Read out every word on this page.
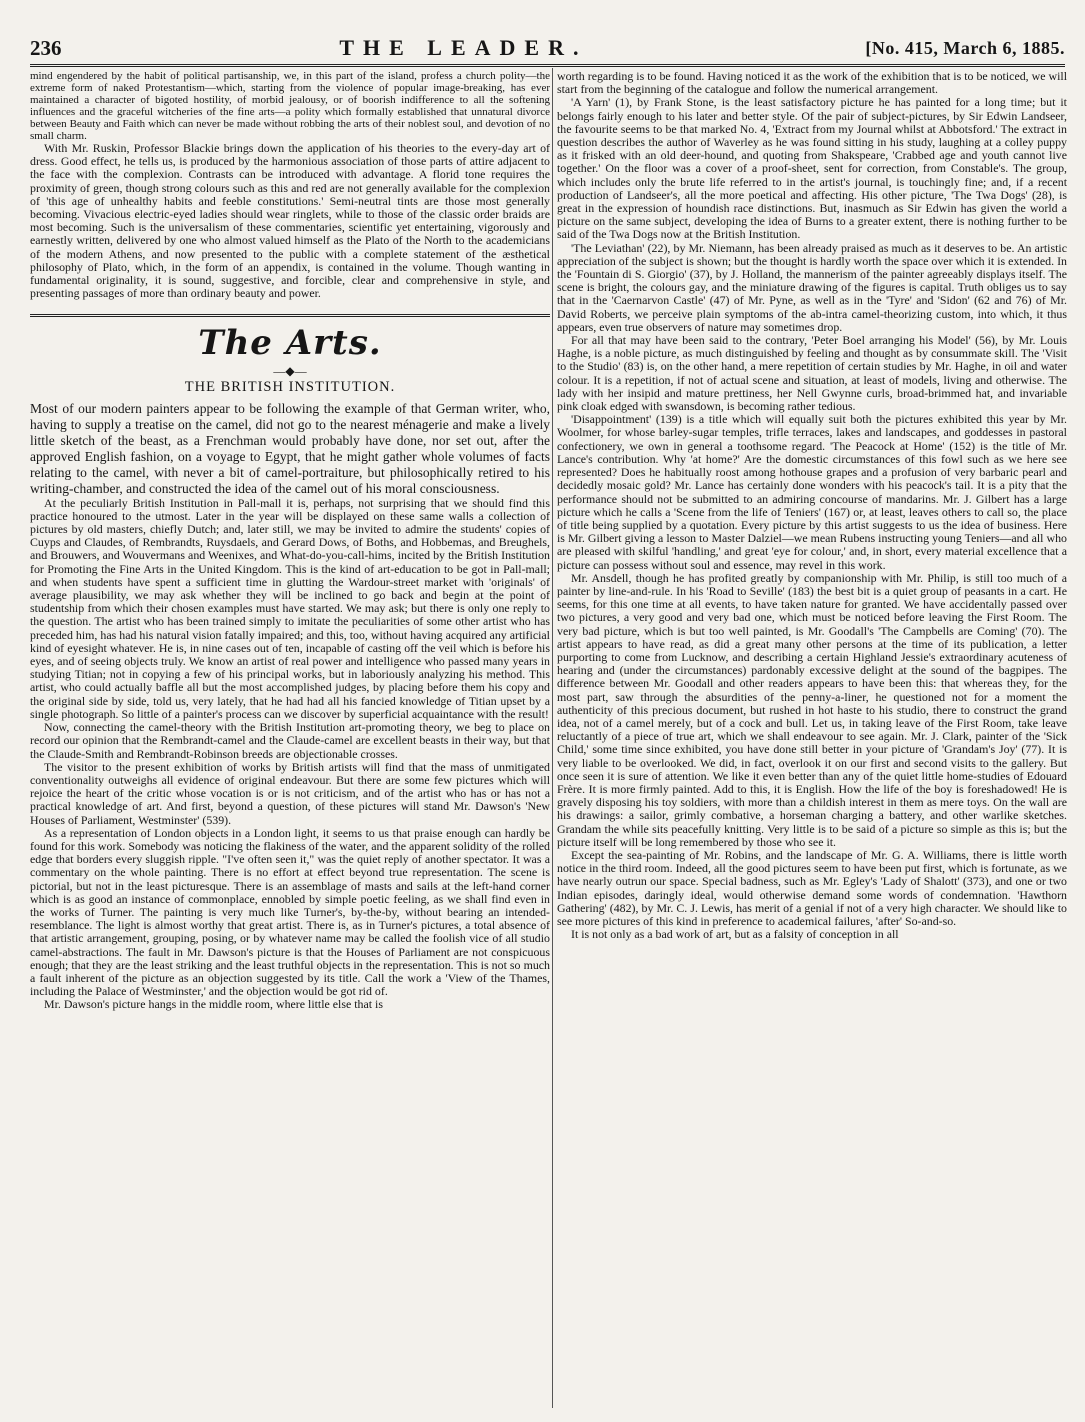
236	THE LEADER.	[No. 415, March 6, 1885.

mind engendered by the habit of political partisanship, we, in this part of the island, profess a church polity—the extreme form of naked Protestantism—which, starting from the violence of popular image-breaking, has ever maintained a character of bigoted hostility, of morbid jealousy, or of boorish indifference to all the softening influences and the graceful witcheries of the fine arts—a polity which formally established that unnatural divorce between Beauty and Faith which can never be made without robbing the arts of their noblest soul, and devotion of no small charm.

With Mr. Ruskin, Professor Blackie brings down the application of his theories to the every-day art of dress. Good effect, he tells us, is produced by the harmonious association of those parts of attire adjacent to the face with the complexion. Contrasts can be introduced with advantage. A florid tone requires the proximity of green, though strong colours such as this and red are not generally available for the complexion of 'this age of unhealthy habits and feeble constitutions.' Semi-neutral tints are those most generally becoming. Vivacious electric-eyed ladies should wear ringlets, while to those of the classic order braids are most becoming. Such is the universalism of these commentaries, scientific yet entertaining, vigorously and earnestly written, delivered by one who almost valued himself as the Plato of the North to the academicians of the modern Athens, and now presented to the public with a complete statement of the æsthetical philosophy of Plato, which, in the form of an appendix, is contained in the volume. Though wanting in fundamental originality, it is sound, suggestive, and forcible, clear and comprehensive in style, and presenting passages of more than ordinary beauty and power.

The Arts.
—◆—
THE BRITISH INSTITUTION.

Most of our modern painters appear to be following the example of that German writer, who, having to supply a treatise on the camel, did not go to the nearest ménagerie and make a lively little sketch of the beast, as a Frenchman would probably have done, nor set out, after the approved English fashion, on a voyage to Egypt, that he might gather whole volumes of facts relating to the camel, with never a bit of camel-portraiture, but philosophically retired to his writing-chamber, and constructed the idea of the camel out of his moral consciousness.

At the peculiarly British Institution in Pall-mall it is, perhaps, not surprising that we should find this practice honoured to the utmost. Later in the year will be displayed on these same walls a collection of pictures by old masters, chiefly Dutch; and, later still, we may be invited to admire the students' copies of Cuyps and Claudes, of Rembrandts, Ruysdaels, and Gerard Dows, of Boths, and Hobbemas, and Breughels, and Brouwers, and Wouvermans and Weenixes, and What-do-you-call-hims, incited by the British Institution for Promoting the Fine Arts in the United Kingdom. This is the kind of art-education to be got in Pall-mall; and when students have spent a sufficient time in glutting the Wardour-street market with 'originals' of average plausibility, we may ask whether they will be inclined to go back and begin at the point of studentship from which their chosen examples must have started. We may ask; but there is only one reply to the question. The artist who has been trained simply to imitate the peculiarities of some other artist who has preceded him, has had his natural vision fatally impaired; and this, too, without having acquired any artificial kind of eyesight whatever. He is, in nine cases out of ten, incapable of casting off the veil which is before his eyes, and of seeing objects truly. We know an artist of real power and intelligence who passed many years in studying Titian; not in copying a few of his principal works, but in laboriously analyzing his method. This artist, who could actually baffle all but the most accomplished judges, by placing before them his copy and the original side by side, told us, very lately, that he had had all his fancied knowledge of Titian upset by a single photograph. So little of a painter's process can we discover by superficial acquaintance with the result!

Now, connecting the camel-theory with the British Institution art-promoting theory, we beg to place on record our opinion that the Rembrandt-camel and the Claude-camel are excellent beasts in their way, but that the Claude-Smith and Rembrandt-Robinson breeds are objectionable crosses.

The visitor to the present exhibition of works by British artists will find that the mass of unmitigated conventionality outweighs all evidence of original endeavour. But there are some few pictures which will rejoice the heart of the critic whose vocation is or is not criticism, and of the artist who has or has not a practical knowledge of art. And first, beyond a question, of these pictures will stand Mr. Dawson's 'New Houses of Parliament, Westminster' (539).

As a representation of London objects in a London light, it seems to us that praise enough can hardly be found for this work. Somebody was noticing the flakiness of the water, and the apparent solidity of the rolled edge that borders every sluggish ripple. "I've often seen it," was the quiet reply of another spectator. It was a commentary on the whole painting. There is no effort at effect beyond true representation. The scene is pictorial, but not in the least picturesque. There is an assemblage of masts and sails at the left-hand corner which is as good an instance of commonplace, ennobled by simple poetic feeling, as we shall find even in the works of Turner. The painting is very much like Turner's, by-the-by, without bearing an intended-resemblance. The light is almost worthy that great artist. There is, as in Turner's pictures, a total absence of that artistic arrangement, grouping, posing, or by whatever name may be called the foolish vice of all studio camel-abstractions. The fault in Mr. Dawson's picture is that the Houses of Parliament are not conspicuous enough; that they are the least striking and the least truthful objects in the representation. This is not so much a fault inherent of the picture as an objection suggested by its title. Call the work a 'View of the Thames, including the Palace of Westminster,' and the objection would be got rid of.

Mr. Dawson's picture hangs in the middle room, where little else that is

worth regarding is to be found. Having noticed it as the work of the exhibition that is to be noticed, we will start from the beginning of the catalogue and follow the numerical arrangement.

'A Yarn' (1), by Frank Stone, is the least satisfactory picture he has painted for a long time; but it belongs fairly enough to his later and better style. Of the pair of subject-pictures, by Sir Edwin Landseer, the favourite seems to be that marked No. 4, 'Extract from my Journal whilst at Abbotsford.' The extract in question describes the author of Waverley as he was found sitting in his study, laughing at a colley puppy as it frisked with an old deer-hound, and quoting from Shakspeare, 'Crabbed age and youth cannot live together.' On the floor was a cover of a proof-sheet, sent for correction, from Constable's. The group, which includes only the brute life referred to in the artist's journal, is touchingly fine; and, if a recent production of Landseer's, all the more poetical and affecting. His other picture, 'The Twa Dogs' (28), is great in the expression of houndish race distinctions. But, inasmuch as Sir Edwin has given the world a picture on the same subject, developing the idea of Burns to a greater extent, there is nothing further to be said of the Twa Dogs now at the British Institution.

'The Leviathan' (22), by Mr. Niemann, has been already praised as much as it deserves to be. An artistic appreciation of the subject is shown; but the thought is hardly worth the space over which it is extended. In the 'Fountain di S. Giorgio' (37), by J. Holland, the mannerism of the painter agreeably displays itself. The scene is bright, the colours gay, and the miniature drawing of the figures is capital. Truth obliges us to say that in the 'Caernarvon Castle' (47) of Mr. Pyne, as well as in the 'Tyre' and 'Sidon' (62 and 76) of Mr. David Roberts, we perceive plain symptoms of the ab-intra camel-theorizing custom, into which, it thus appears, even true observers of nature may sometimes drop.

For all that may have been said to the contrary, 'Peter Boel arranging his Model' (56), by Mr. Louis Haghe, is a noble picture, as much distinguished by feeling and thought as by consummate skill. The 'Visit to the Studio' (83) is, on the other hand, a mere repetition of certain studies by Mr. Haghe, in oil and water colour. It is a repetition, if not of actual scene and situation, at least of models, living and otherwise. The lady with her insipid and mature prettiness, her Nell Gwynne curls, broad-brimmed hat, and invariable pink cloak edged with swansdown, is becoming rather tedious.

'Disappointment' (139) is a title which will equally suit both the pictures exhibited this year by Mr. Woolmer, for whose barley-sugar temples, trifle terraces, lakes and landscapes, and goddesses in pastoral confectionery, we own in general a toothsome regard. 'The Peacock at Home' (152) is the title of Mr. Lance's contribution. Why 'at home?' Are the domestic circumstances of this fowl such as we here see represented? Does he habitually roost among hothouse grapes and a profusion of very barbaric pearl and decidedly mosaic gold? Mr. Lance has certainly done wonders with his peacock's tail. It is a pity that the performance should not be submitted to an admiring concourse of mandarins. Mr. J. Gilbert has a large picture which he calls a 'Scene from the life of Teniers' (167) or, at least, leaves others to call so, the place of title being supplied by a quotation. Every picture by this artist suggests to us the idea of business. Here is Mr. Gilbert giving a lesson to Master Dalziel—we mean Rubens instructing young Teniers—and all who are pleased with skilful 'handling,' and great 'eye for colour,' and, in short, every material excellence that a picture can possess without soul and essence, may revel in this work.

Mr. Ansdell, though he has profited greatly by companionship with Mr. Philip, is still too much of a painter by line-and-rule. In his 'Road to Seville' (183) the best bit is a quiet group of peasants in a cart. He seems, for this one time at all events, to have taken nature for granted. We have accidentally passed over two pictures, a very good and very bad one, which must be noticed before leaving the First Room. The very bad picture, which is but too well painted, is Mr. Goodall's 'The Campbells are Coming' (70). The artist appears to have read, as did a great many other persons at the time of its publication, a letter purporting to come from Lucknow, and describing a certain Highland Jessie's extraordinary acuteness of hearing and (under the circumstances) pardonably excessive delight at the sound of the bagpipes. The difference between Mr. Goodall and other readers appears to have been this: that whereas they, for the most part, saw through the absurdities of the penny-a-liner, he questioned not for a moment the authenticity of this precious document, but rushed in hot haste to his studio, there to construct the grand idea, not of a camel merely, but of a cock and bull. Let us, in taking leave of the First Room, take leave reluctantly of a piece of true art, which we shall endeavour to see again. Mr. J. Clark, painter of the 'Sick Child,' some time since exhibited, you have done still better in your picture of 'Grandam's Joy' (77). It is very liable to be overlooked. We did, in fact, overlook it on our first and second visits to the gallery. But once seen it is sure of attention. We like it even better than any of the quiet little home-studies of Edouard Frère. It is more firmly painted. Add to this, it is English. How the life of the boy is foreshadowed! He is gravely disposing his toy soldiers, with more than a childish interest in them as mere toys. On the wall are his drawings: a sailor, grimly combative, a horseman charging a battery, and other warlike sketches. Grandam the while sits peacefully knitting. Very little is to be said of a picture so simple as this is; but the picture itself will be long remembered by those who see it.

Except the sea-painting of Mr. Robins, and the landscape of Mr. G. A. Williams, there is little worth notice in the third room. Indeed, all the good pictures seem to have been put first, which is fortunate, as we have nearly outrun our space. Special badness, such as Mr. Egley's 'Lady of Shalott' (373), and one or two Indian episodes, daringly ideal, would otherwise demand some words of condemnation. 'Hawthorn Gathering' (482), by Mr. C. J. Lewis, has merit of a genial if not of a very high character. We should like to see more pictures of this kind in preference to academical failures, 'after' So-and-so.

It is not only as a bad work of art, but as a falsity of conception in all
